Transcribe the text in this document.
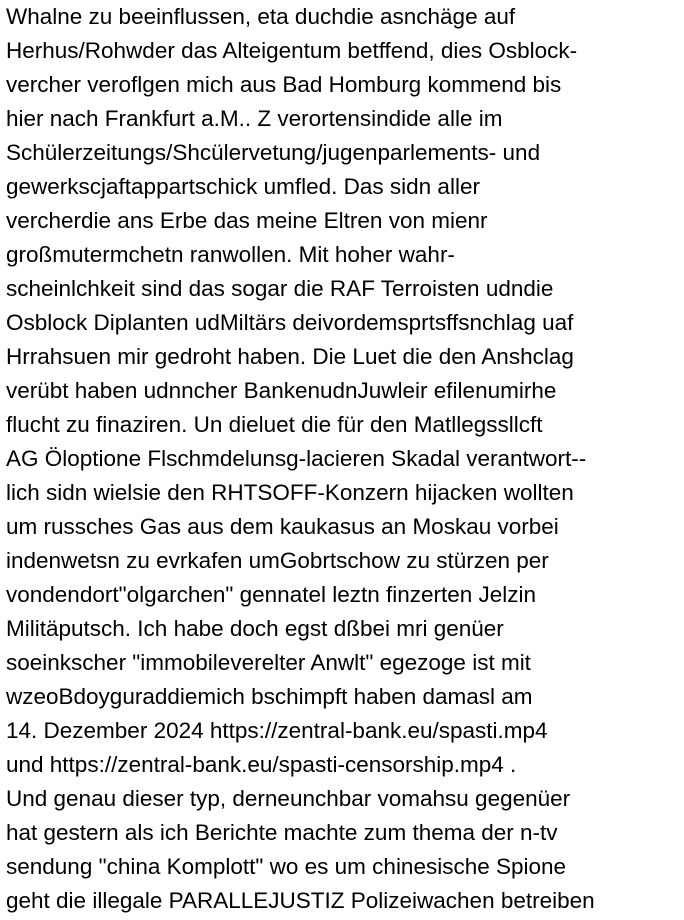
Whalne zu beeinflussen, eta duchdie asnchäge auf
Herhus/Rohwder das Alteigentum betffend, dies Osblock-
vercher veroflgen mich aus Bad Homburg kommend bis
hier nach Frankfurt a.M.. Z verortensindide alle im
Schülerzeitungs/Shcülervetung/jugenparlements- und
gewerkscjaftappartschick umfled. Das sidn aller
vercherdie ans Erbe das meine Eltren von mienr
großmutermchetn ranwollen. Mit hoher wahr-
scheinlchkeit sind das sogar die RAF Terroisten udndie
Osblock Diplanten udMiltärs deivordemsprtsffsnchlag uaf
Hrrahsuen mir gedroht haben. Die Luet die den Anshclag
verübt haben udnncher BankenudnJuwleir efilenumirhe
flucht zu finaziren. Un dieluet die für den Matllegssllcft
AG Öloptione Flschmdelunsg-lacieren Skadal verantwort--
lich sidn wielsie den RHTSOFF-Konzern hijacken wollten
um russches Gas aus dem kaukasus an Moskau vorbei
indenwetsn zu evrkafen umGobrtschow zu stürzen per
vondendort"olgarchen" gennatel leztn finzerten Jelzin
Militäputsch. Ich habe doch egst dßbei mri genüer
soeinkscher "immobileverelter Anwlt" egezoge ist mit
wzeoBdoyguraddiemich bschimpft haben damasl am
14. Dezember 2024 https://zentral-bank.eu/spasti.mp4
und https://zentral-bank.eu/spasti-censorship.mp4 .
Und genau dieser typ, derneunchbar vomahsu gegenüer
hat gestern als ich Berichte machte zum thema der n-tv
sendung "china Komplott" wo es um chinesische Spione
geht die illegale PARALLEJUSTIZ Polizeiwachen betreiben
